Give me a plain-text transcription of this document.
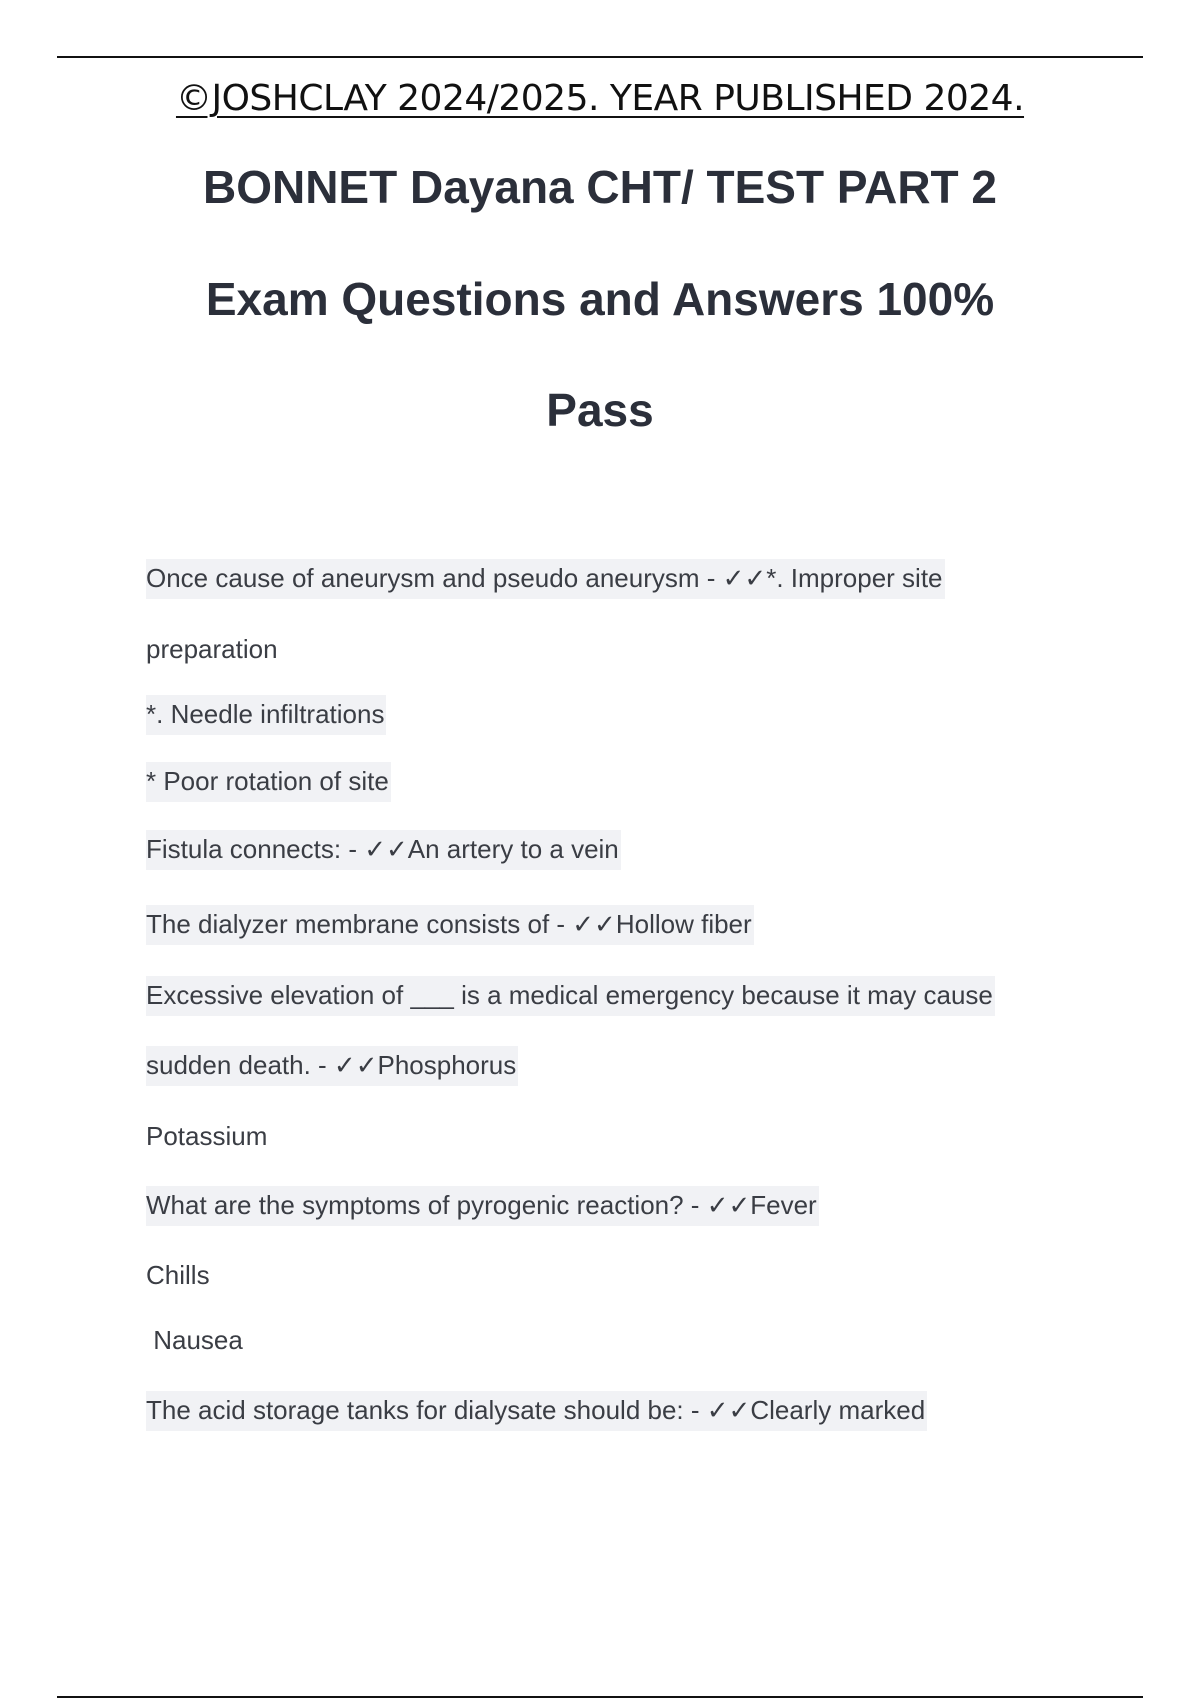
©JOSHCLAY 2024/2025. YEAR PUBLISHED 2024.
BONNET Dayana CHT/ TEST PART 2
Exam Questions and Answers 100%
Pass
Once cause of aneurysm and pseudo aneurysm - ✓✓*. Improper site
preparation
*. Needle infiltrations
* Poor rotation of site
Fistula connects: - ✓✓An artery to a vein
The dialyzer membrane consists of - ✓✓Hollow fiber
Excessive elevation of ___ is a medical emergency because it may cause
sudden death. - ✓✓Phosphorus
Potassium
What are the symptoms of pyrogenic reaction? - ✓✓Fever
Chills
Nausea
The acid storage tanks for dialysate should be: - ✓✓Clearly marked
